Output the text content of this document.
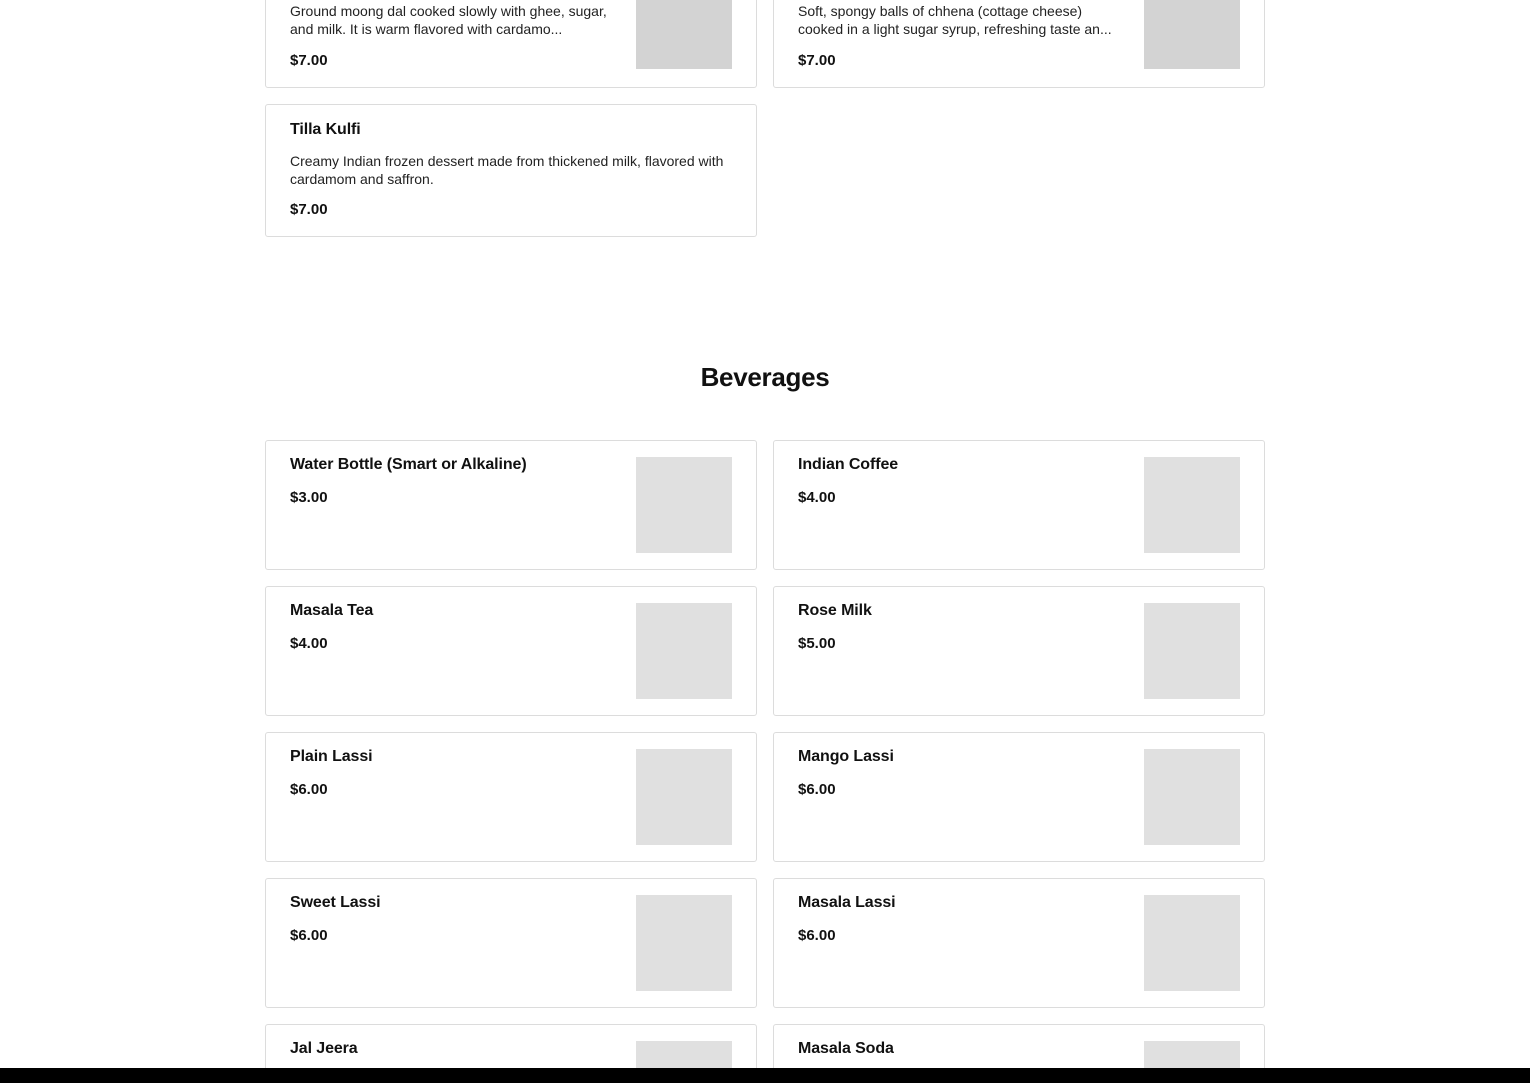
Ground moong dal cooked slowly with ghee, sugar, and milk. It is warm flavored with cardamo...
$7.00
Soft, spongy balls of chhena (cottage cheese) cooked in a light sugar syrup, refreshing taste an...
$7.00
Tilla Kulfi
Creamy Indian frozen dessert made from thickened milk, flavored with cardamom and saffron.
$7.00
Beverages
Water Bottle (Smart or Alkaline)
$3.00
Indian Coffee
$4.00
Masala Tea
$4.00
Rose Milk
$5.00
Plain Lassi
$6.00
Mango Lassi
$6.00
Sweet Lassi
$6.00
Masala Lassi
$6.00
Jal Jeera	Masala Soda
